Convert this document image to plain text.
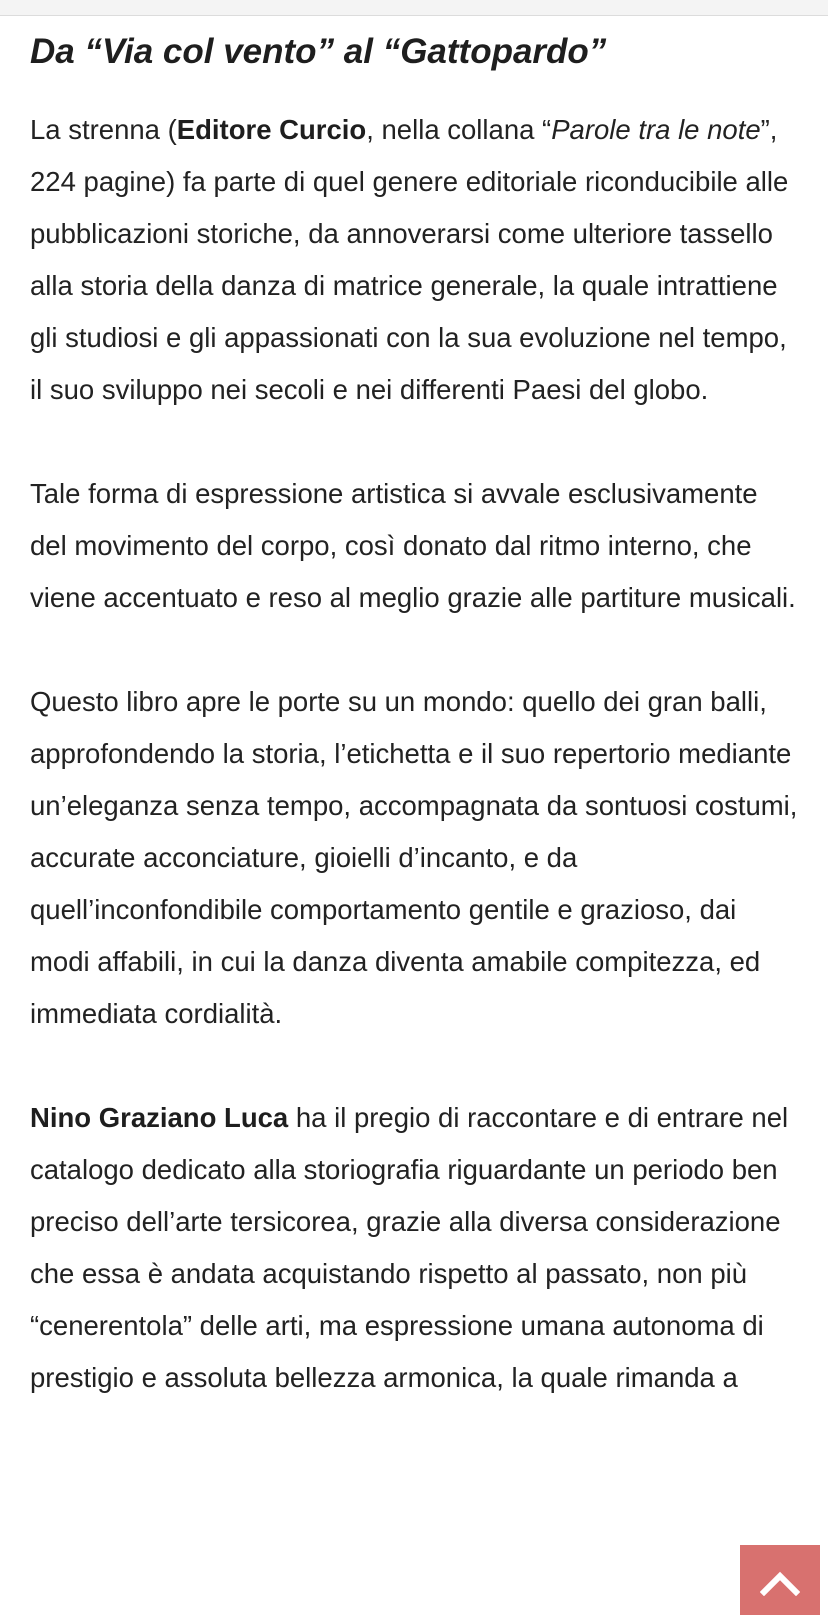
Da “Via col vento” al “Gattopardo”

La strenna (Editore Curcio, nella collana “Parole tra le note”, 224 pagine) fa parte di quel genere editoriale riconducibile alle pubblicazioni storiche, da annoverarsi come ulteriore tassello alla storia della danza di matrice generale, la quale intrattiene gli studiosi e gli appassionati con la sua evoluzione nel tempo, il suo sviluppo nei secoli e nei differenti Paesi del globo.

Tale forma di espressione artistica si avvale esclusivamente del movimento del corpo, così donato dal ritmo interno, che viene accentuato e reso al meglio grazie alle partiture musicali.

Questo libro apre le porte su un mondo: quello dei gran balli, approfondendo la storia, l’etichetta e il suo repertorio mediante un’eleganza senza tempo, accompagnata da sontuosi costumi, accurate acconciature, gioielli d’incanto, e da quell’inconfondibile comportamento gentile e grazioso, dai modi affabili, in cui la danza diventa amabile compitezza, ed immediata cordialità.

Nino Graziano Luca ha il pregio di raccontare e di entrare nel catalogo dedicato alla storiografia riguardante un periodo ben preciso dell’arte tersicorea, grazie alla diversa considerazione che essa è andata acquistando rispetto al passato, non più “cenerentola” delle arti, ma espressione umana autonoma di prestigio e assoluta bellezza armonica, la quale rimanda a
